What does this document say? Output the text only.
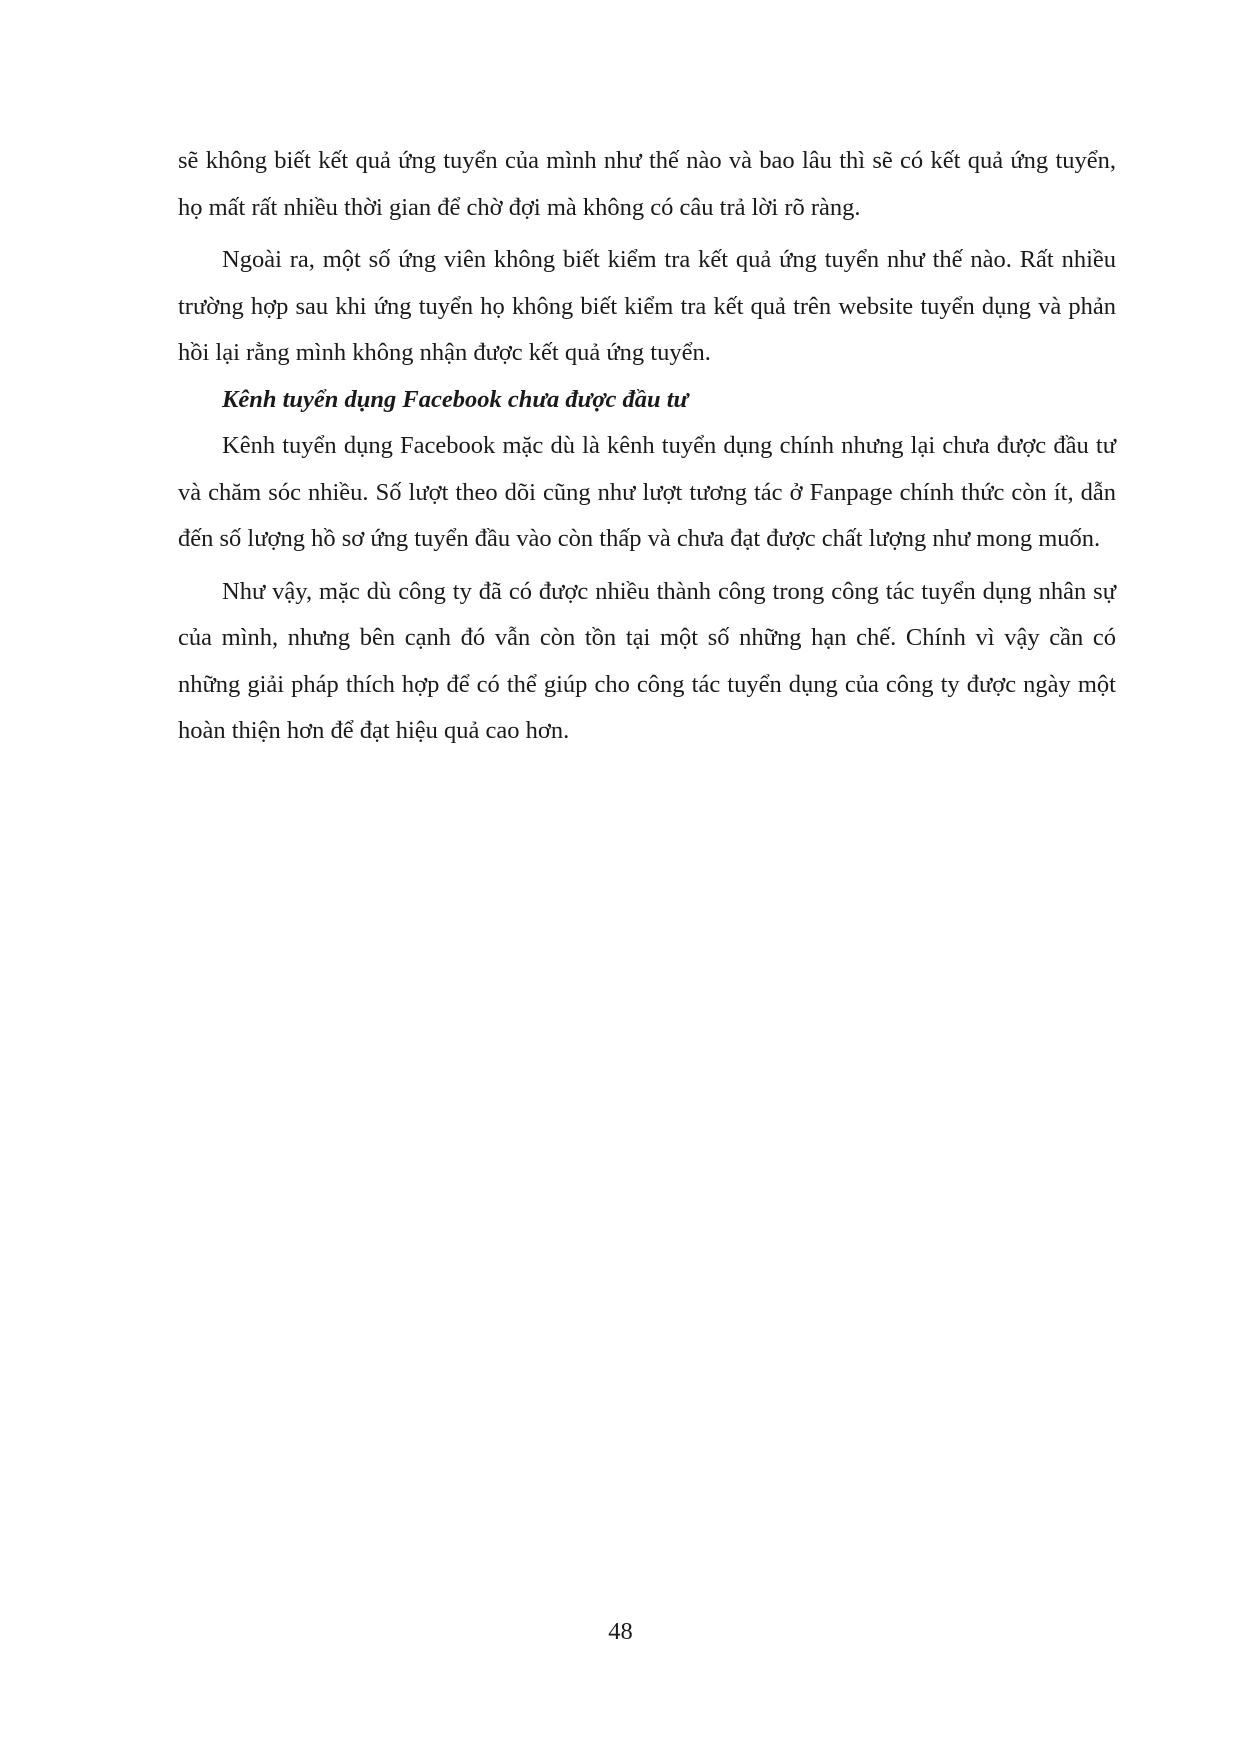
sẽ không biết kết quả ứng tuyển của mình như thế nào và bao lâu thì sẽ có kết quả ứng tuyển, họ mất rất nhiều thời gian để chờ đợi mà không có câu trả lời rõ ràng.

Ngoài ra, một số ứng viên không biết kiểm tra kết quả ứng tuyển như thế nào. Rất nhiều trường hợp sau khi ứng tuyển họ không biết kiểm tra kết quả trên website tuyển dụng và phản hồi lại rằng mình không nhận được kết quả ứng tuyển.

Kênh tuyển dụng Facebook chưa được đầu tư

Kênh tuyển dụng Facebook mặc dù là kênh tuyển dụng chính nhưng lại chưa được đầu tư và chăm sóc nhiều. Số lượt theo dõi cũng như lượt tương tác ở Fanpage chính thức còn ít, dẫn đến số lượng hồ sơ ứng tuyển đầu vào còn thấp và chưa đạt được chất lượng như mong muốn.

Như vậy, mặc dù công ty đã có được nhiều thành công trong công tác tuyển dụng nhân sự của mình, nhưng bên cạnh đó vẫn còn tồn tại một số những hạn chế. Chính vì vậy cần có những giải pháp thích hợp để có thể giúp cho công tác tuyển dụng của công ty được ngày một hoàn thiện hơn để đạt hiệu quả cao hơn.

48
